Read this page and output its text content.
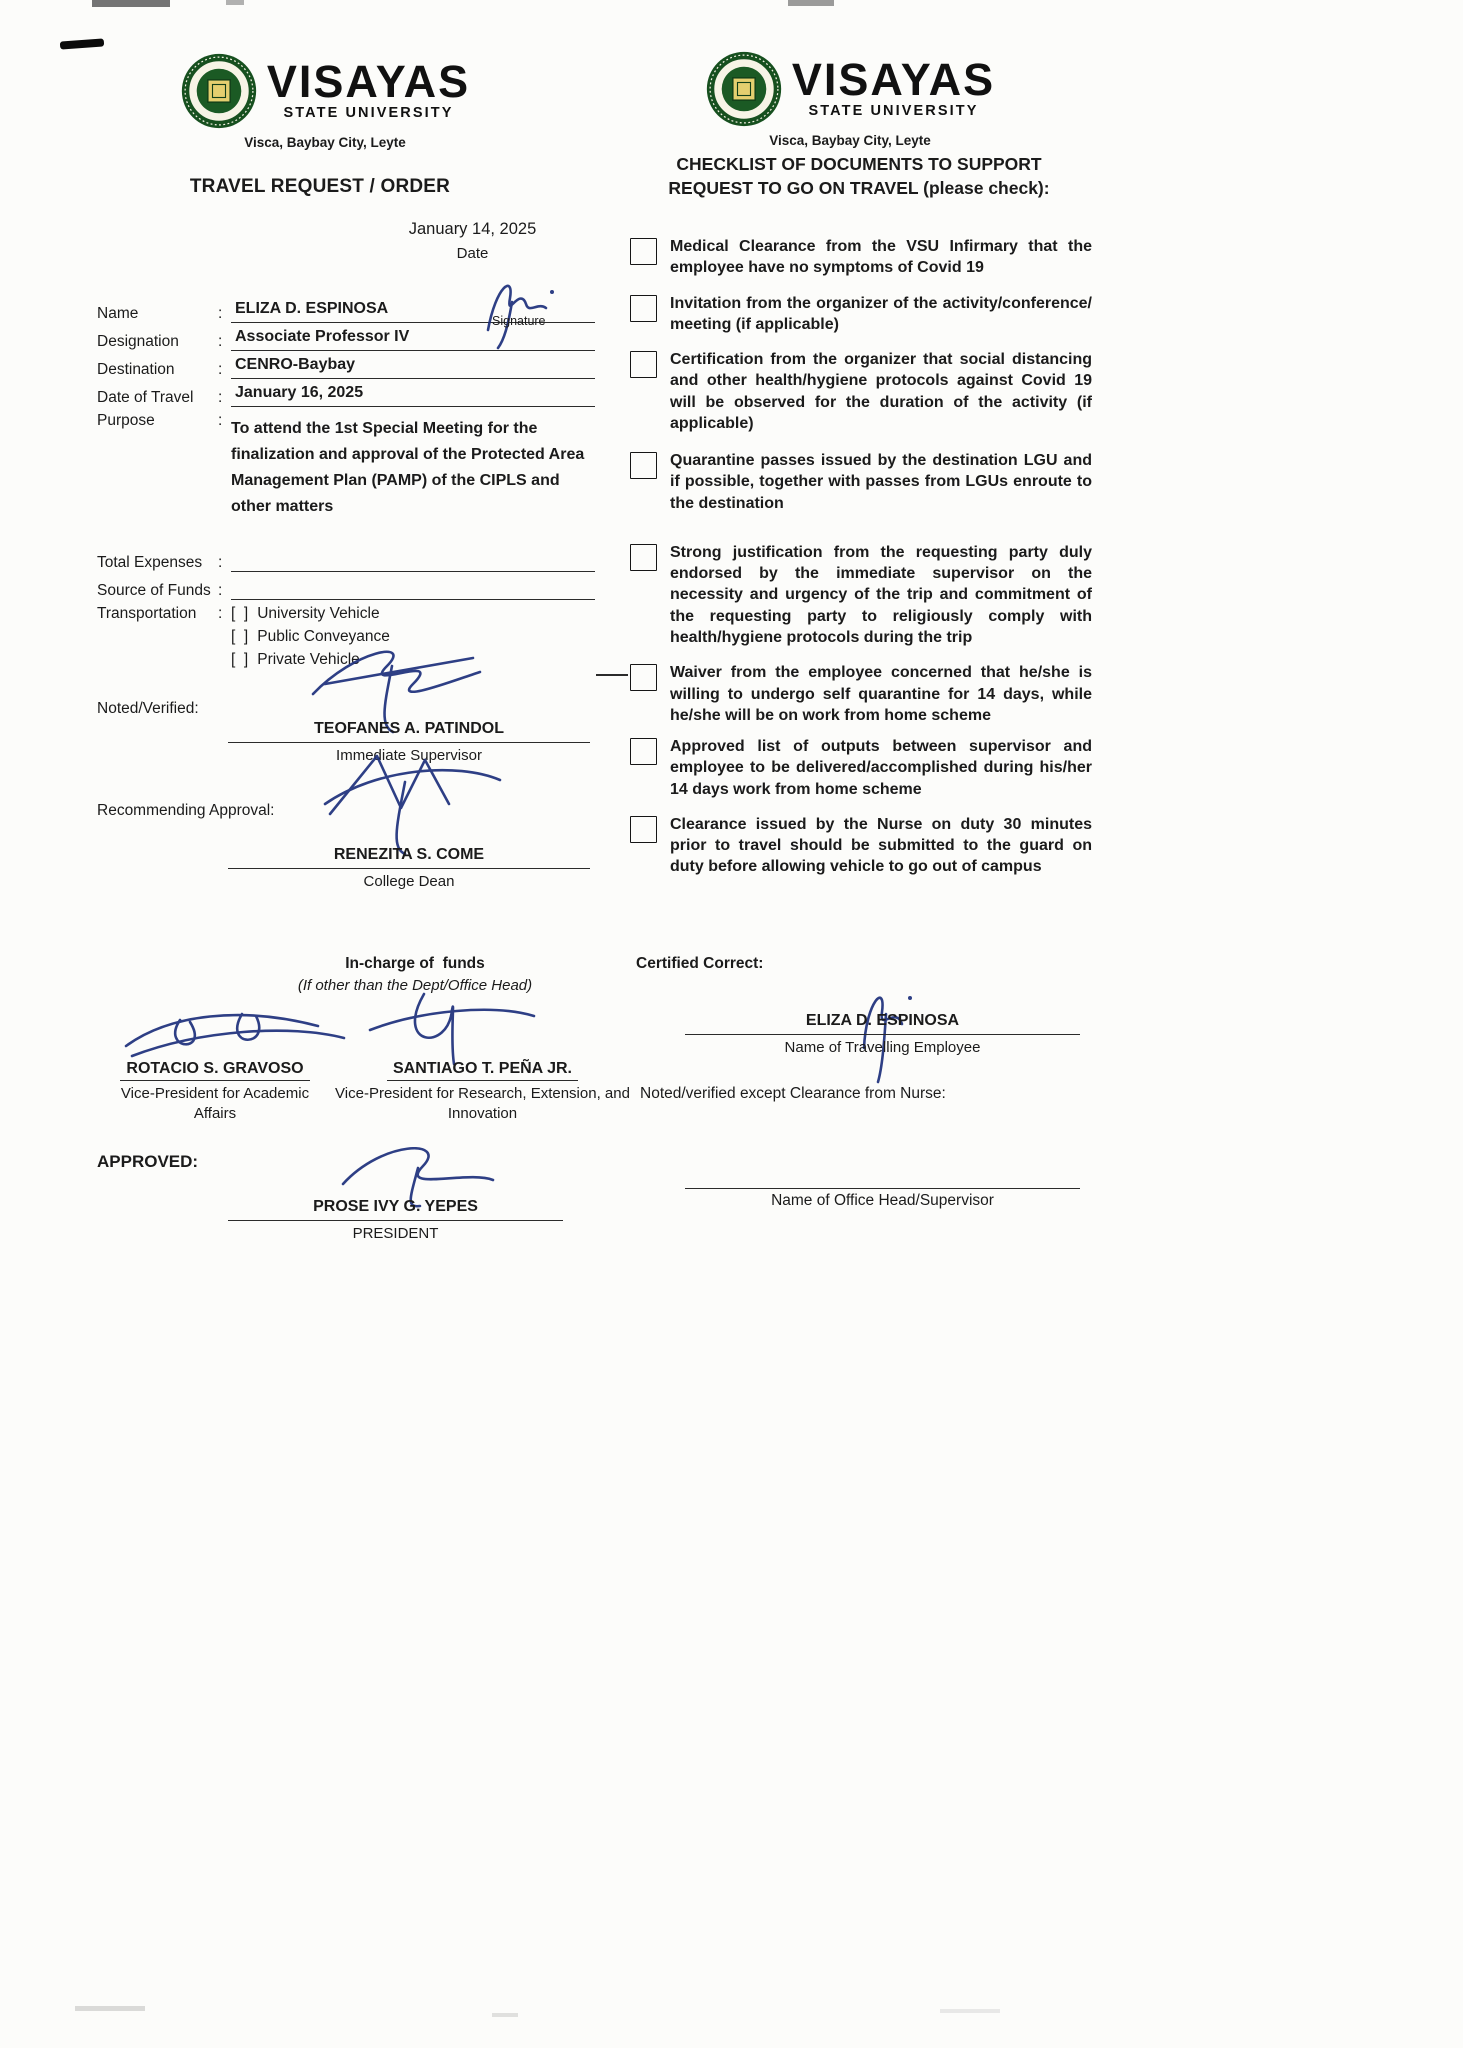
VISAYAS
STATE UNIVERSITY
Visca, Baybay City, Leyte
TRAVEL REQUEST / ORDER
January 14, 2025
Date
Name	: ELIZA D. ESPINOSA
Signature
Designation	: Associate Professor IV
Destination	: CENRO-Baybay
Date of Travel	: January 16, 2025
Purpose	: To attend the 1st Special Meeting for the finalization and approval of the Protected Area Management Plan (PAMP) of the CIPLS and other matters
Total Expenses	:
Source of Funds :
Transportation	: [  ] University Vehicle
[  ] Public Conveyance
[  ] Private Vehicle
Noted/Verified:
TEOFANES A. PATINDOL
Immediate Supervisor
Recommending Approval:
RENEZITA S. COME
College Dean
VISAYAS
STATE UNIVERSITY
Visca, Baybay City, Leyte
CHECKLIST OF DOCUMENTS TO SUPPORT
REQUEST TO GO ON TRAVEL (please check):
Medical Clearance from the VSU Infirmary that the employee have no symptoms of Covid 19
Invitation from the organizer of the activity/conference/ meeting (if applicable)
Certification from the organizer that social distancing and other health/hygiene protocols against Covid 19 will be observed for the duration of the activity (if applicable)
Quarantine passes issued by the destination LGU and if possible, together with passes from LGUs enroute to the destination
Strong justification from the requesting party duly endorsed by the immediate supervisor on the necessity and urgency of the trip and commitment of the requesting party to religiously comply with health/hygiene protocols during the trip
Waiver from the employee concerned that he/she is willing to undergo self quarantine for 14 days, while he/she will be on work from home scheme
Approved list of outputs between supervisor and employee to be delivered/accomplished during his/her 14 days work from home scheme
Clearance issued by the Nurse on duty 30 minutes prior to travel should be submitted to the guard on duty before allowing vehicle to go out of campus
In-charge of  funds
(If other than the Dept/Office Head)
Certified Correct:
ELIZA D. ESPINOSA
Name of Travelling Employee
ROTACIO S. GRAVOSO
Vice-President for Academic Affairs
SANTIAGO T. PEÑA JR.
Vice-President for Research, Extension, and Innovation
Noted/verified except Clearance from Nurse:
APPROVED:
PROSE IVY G. YEPES
PRESIDENT
Name of Office Head/Supervisor
